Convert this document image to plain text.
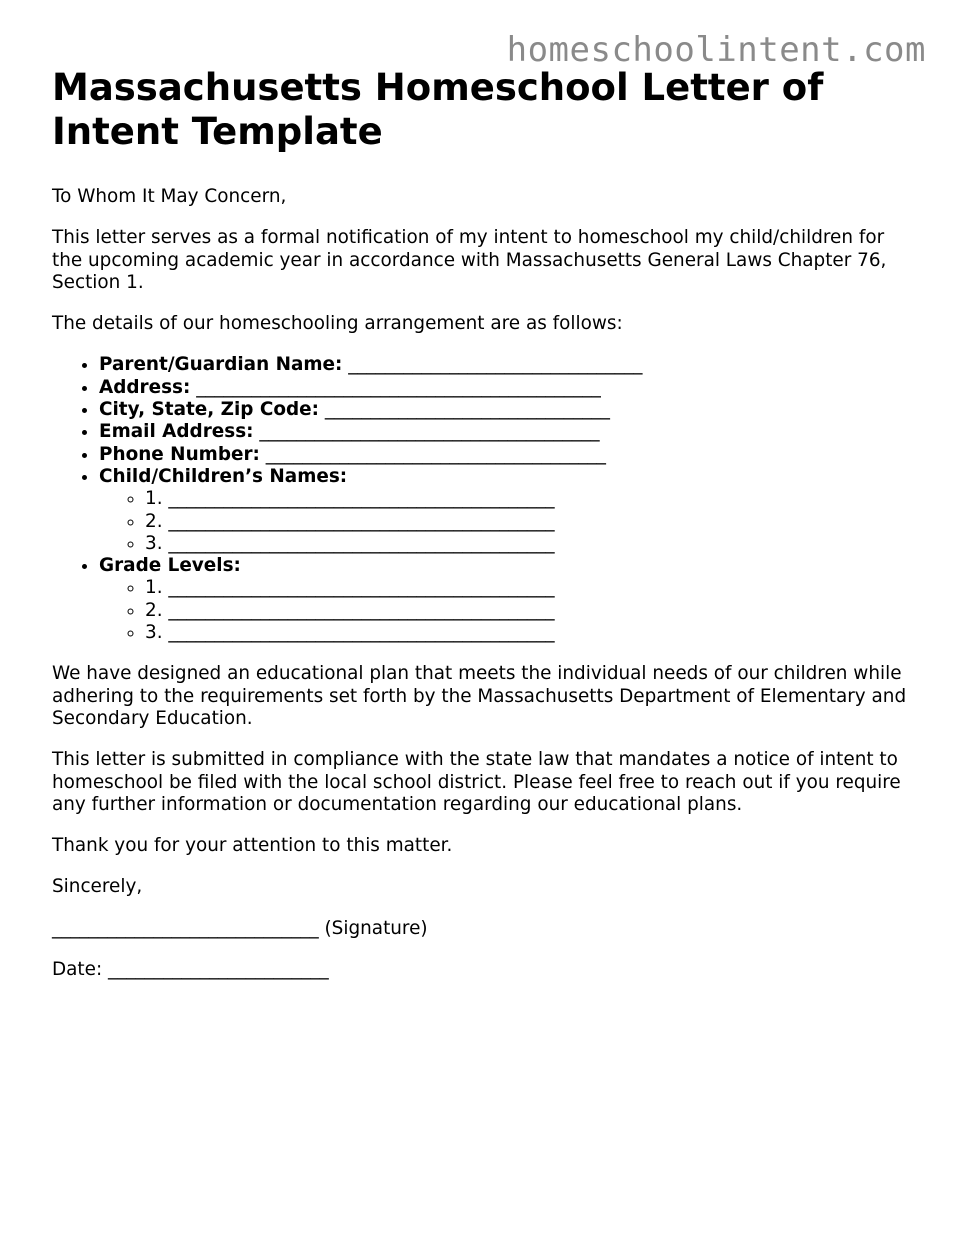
homeschoolintent.com
Massachusetts Homeschool Letter of Intent Template

To Whom It May Concern,

This letter serves as a formal notification of my intent to homeschool my child/children for the upcoming academic year in accordance with Massachusetts General Laws Chapter 76, Section 1.

The details of our homeschooling arrangement are as follows:

• Parent/Guardian Name: ________________________________
• Address: ____________________________________________
• City, State, Zip Code: _______________________________
• Email Address: _____________________________________
• Phone Number: _____________________________________
• Child/Children’s Names:
◦ 1. __________________________________________
◦ 2. __________________________________________
◦ 3. __________________________________________
• Grade Levels:
◦ 1. __________________________________________
◦ 2. __________________________________________
◦ 3. __________________________________________

We have designed an educational plan that meets the individual needs of our children while adhering to the requirements set forth by the Massachusetts Department of Elementary and Secondary Education.

This letter is submitted in compliance with the state law that mandates a notice of intent to homeschool be filed with the local school district. Please feel free to reach out if you require any further information or documentation regarding our educational plans.

Thank you for your attention to this matter.

Sincerely,

_____________________________ (Signature)

Date: ________________________
